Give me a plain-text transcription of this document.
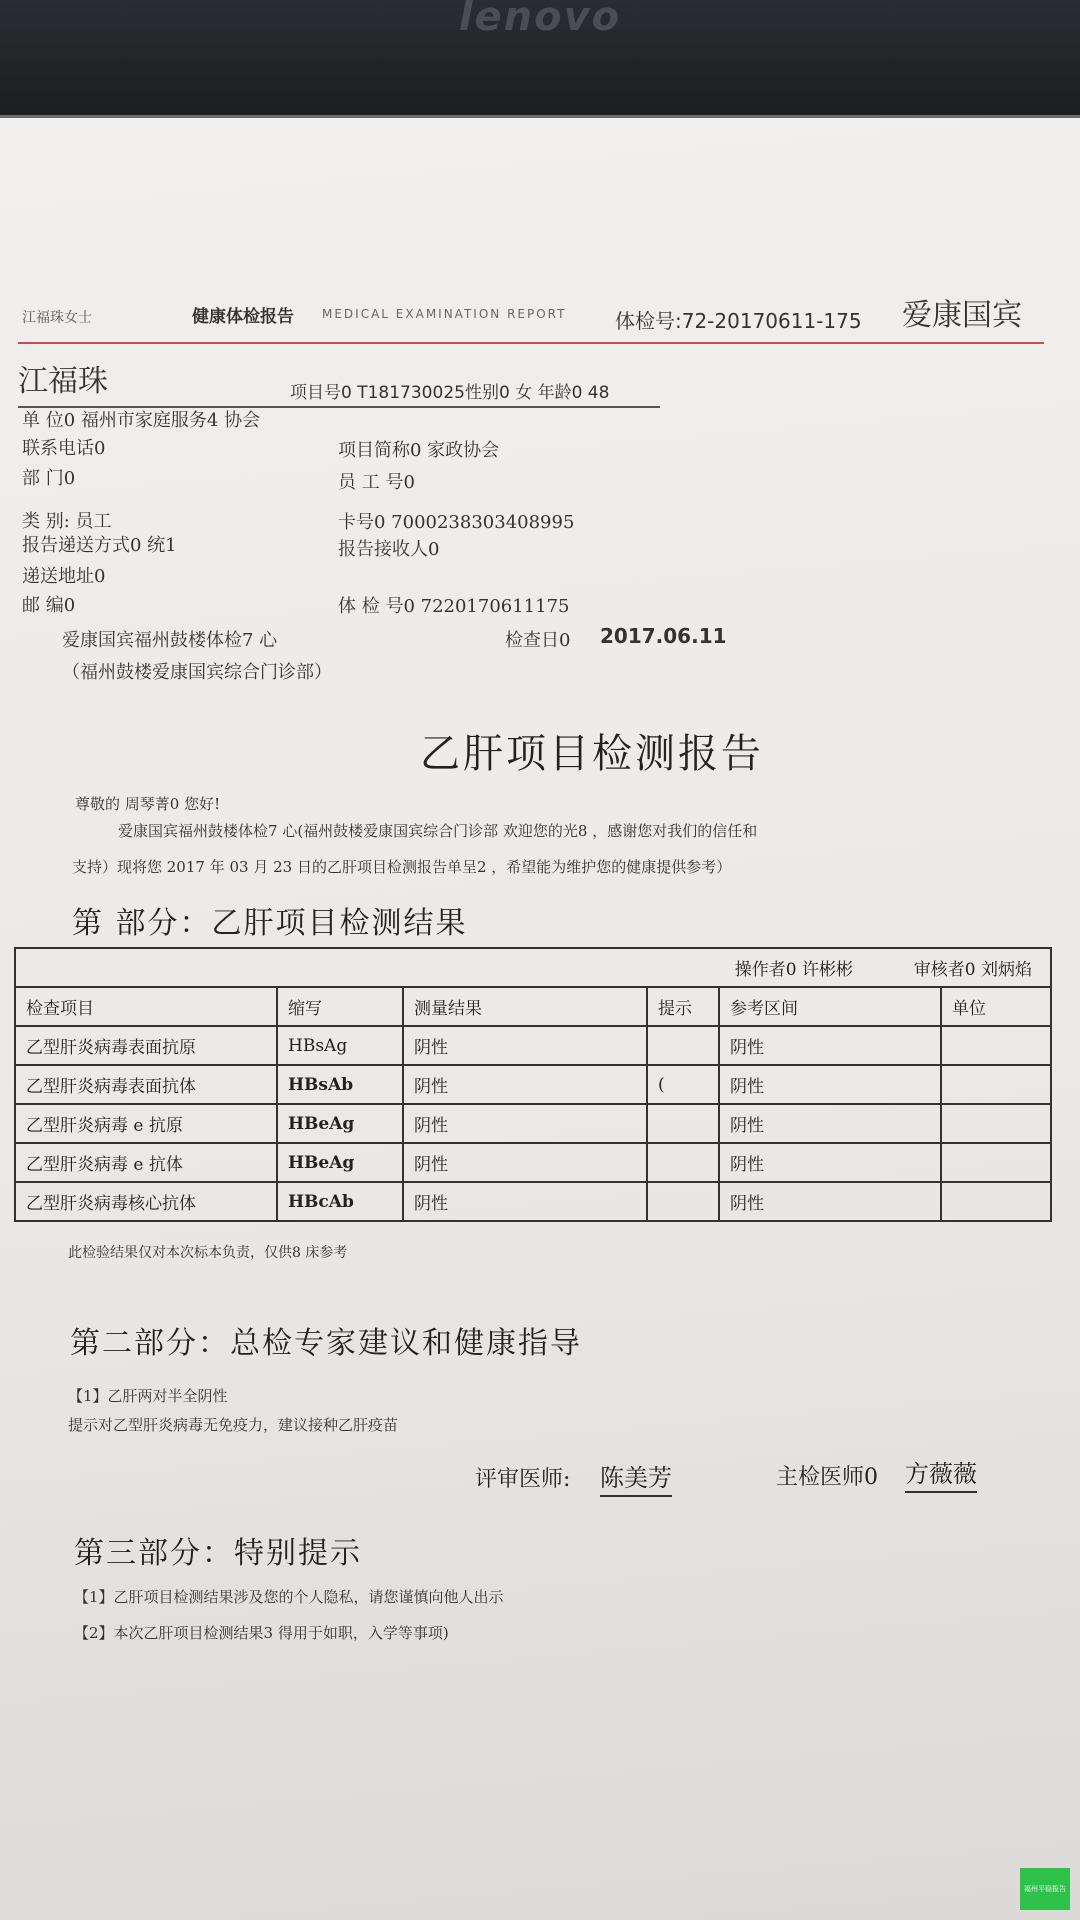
lenovo
江福珠女士	健康体检报告 MEDICAL EXAMINATION REPORT 体检号:72-20170611-175 爱康国宾
江福珠	项目号0 T181730025性别0 女 年龄0 48
单 位0 福州市家庭服务4 协会
联系电话0	项目简称0 家政协会
部 门0	员 工 号0
类 别: 员工	卡号0 7000238303408995
报告递送方式0 统1	报告接收人0
递送地址0
邮 编0	体 检 号0 7220170611175
爱康国宾福州鼓楼体检7 心	检查日0 2017.06.11
（福州鼓楼爱康国宾综合门诊部）
乙肝项目检测报告
尊敬的 周琴菁0 您好!
爱康国宾福州鼓楼体检7 心(福州鼓楼爱康国宾综合门诊部 欢迎您的光8 ，感谢您对我们的信任和
支持）现将您 2017 年 03 月 23 日的乙肝项目检测报告单呈2 ，希望能为维护您的健康提供参考）
第 部分：乙肝项目检测结果
操作者0 许彬彬 审核者0 刘炳焰					
检查项目	缩写	测量结果	提示	参考区间	单位
乙型肝炎病毒表面抗原	HBsAg	阴性		阴性	
乙型肝炎病毒表面抗体	HBsAb	阴性	(	阴性	
乙型肝炎病毒 e 抗原	HBeAg	阴性		阴性	
乙型肝炎病毒 e 抗体	HBeAg	阴性		阴性	
乙型肝炎病毒核心抗体	HBcAb	阴性		阴性	
此检验结果仅对本次标本负责，仅供8 床参考
第二部分：总检专家建议和健康指导
【1】乙肝两对半全阴性
提示对乙型肝炎病毒无免疫力，建议接种乙肝疫苗
评审医师: 陈美芳	主检医师0 方薇薇
第三部分：特别提示
【1】乙肝项目检测结果涉及您的个人隐私，请您谨慎向他人出示
【2】本次乙肝项目检测结果3 得用于如职，入学等事项)
福州平稳报告
